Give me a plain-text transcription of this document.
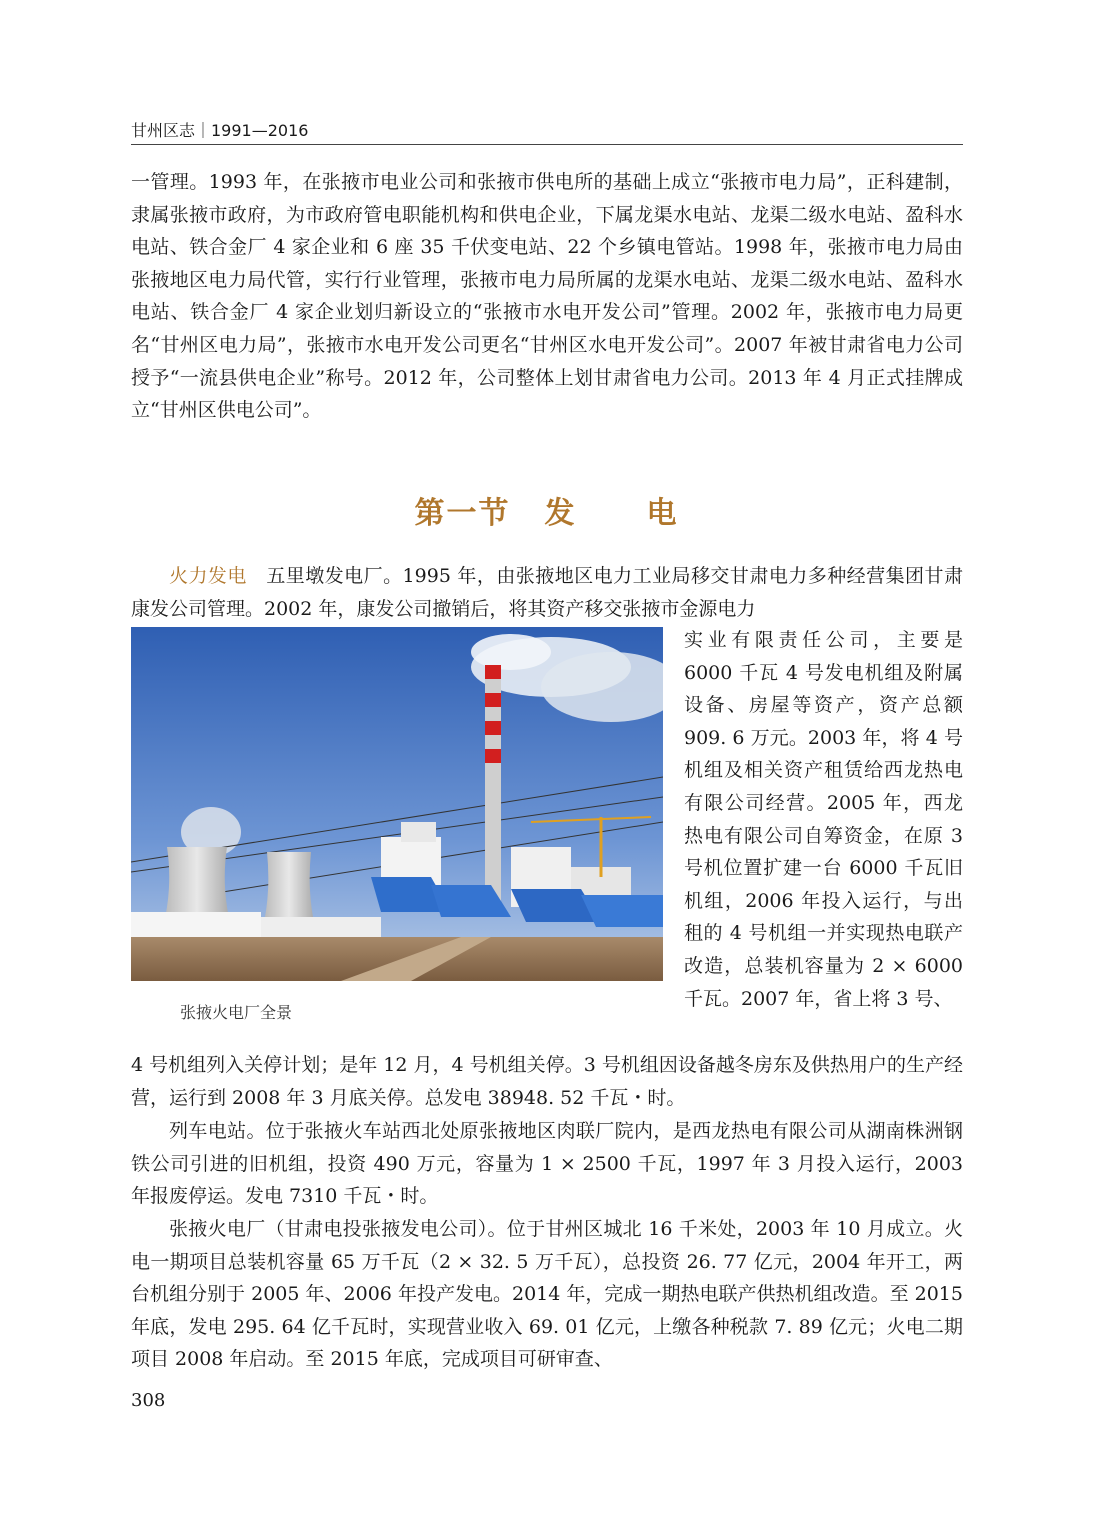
甘州区志｜1991—2016

一管理。1993 年，在张掖市电业公司和张掖市供电所的基础上成立“张掖市电力局”，正科建制，隶属张掖市政府，为市政府管电职能机构和供电企业，下属龙渠水电站、龙渠二级水电站、盈科水电站、铁合金厂 4 家企业和 6 座 35 千伏变电站、22 个乡镇电管站。1998 年，张掖市电力局由张掖地区电力局代管，实行行业管理，张掖市电力局所属的龙渠水电站、龙渠二级水电站、盈科水电站、铁合金厂 4 家企业划归新设立的“张掖市水电开发公司”管理。2002 年，张掖市电力局更名“甘州区电力局”，张掖市水电开发公司更名“甘州区水电开发公司”。2007 年被甘肃省电力公司授予“一流县供电企业”称号。2012 年，公司整体上划甘肃省电力公司。2013 年 4 月正式挂牌成立“甘州区供电公司”。

第一节 发 电

火力发电　五里墩发电厂。1995 年，由张掖地区电力工业局移交甘肃电力多种经营集团甘肃康发公司管理。2002 年，康发公司撤销后，将其资产移交张掖市金源电力

张掖火电厂全景

实业有限责任公司，主要是 6000 千瓦 4 号发电机组及附属设备、房屋等资产，资产总额 909. 6 万元。2003 年，将 4 号机组及相关资产租赁给西龙热电有限公司经营。2005 年，西龙热电有限公司自筹资金，在原 3 号机位置扩建一台 6000 千瓦旧机组，2006 年投入运行，与出租的 4 号机组一并实现热电联产改造，总装机容量为 2 × 6000 千瓦。2007 年，省上将 3 号、

4 号机组列入关停计划；是年 12 月，4 号机组关停。3 号机组因设备越冬房东及供热用户的生产经营，运行到 2008 年 3 月底关停。总发电 38948. 52 千瓦・时。

列车电站。位于张掖火车站西北处原张掖地区肉联厂院内，是西龙热电有限公司从湖南株洲钢铁公司引进的旧机组，投资 490 万元，容量为 1 × 2500 千瓦，1997 年 3 月投入运行，2003 年报废停运。发电 7310 千瓦・时。

张掖火电厂（甘肃电投张掖发电公司）。位于甘州区城北 16 千米处，2003 年 10 月成立。火电一期项目总装机容量 65 万千瓦（2 × 32. 5 万千瓦），总投资 26. 77 亿元，2004 年开工，两台机组分别于 2005 年、2006 年投产发电。2014 年，完成一期热电联产供热机组改造。至 2015 年底，发电 295. 64 亿千瓦时，实现营业收入 69. 01 亿元，上缴各种税款 7. 89 亿元；火电二期项目 2008 年启动。至 2015 年底，完成项目可研审查、

308
